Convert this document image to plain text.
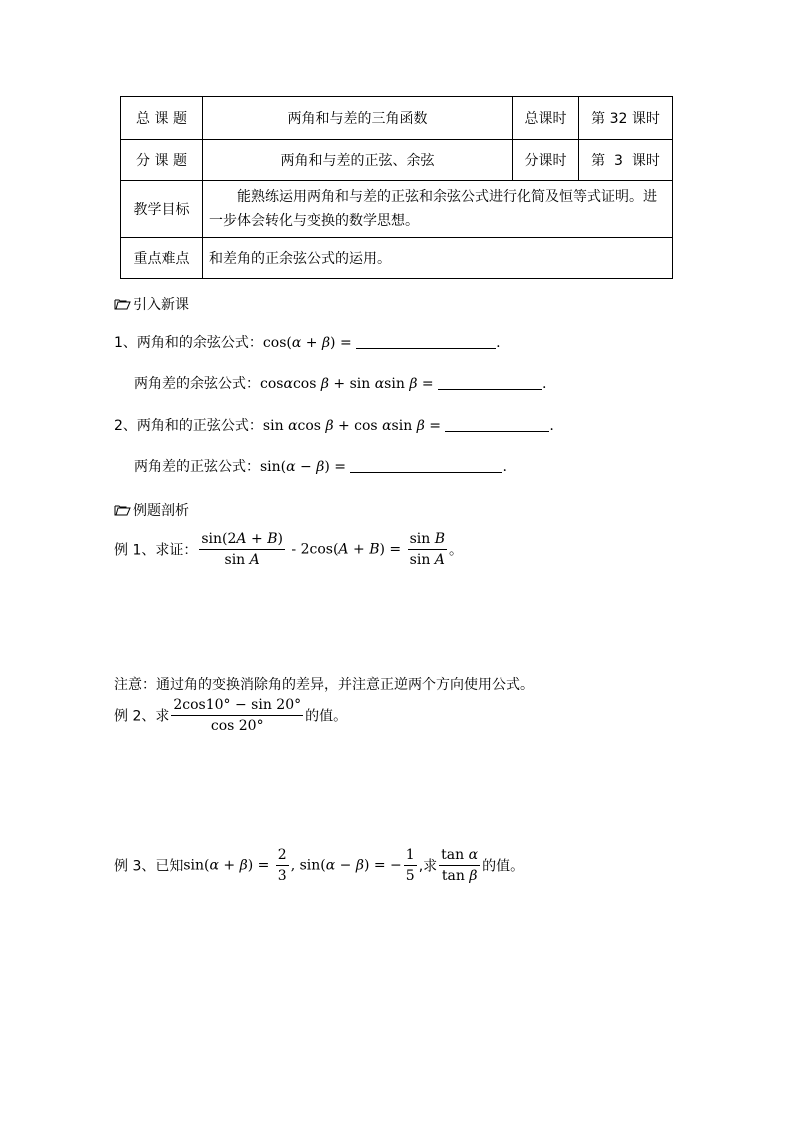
总 课 题	两角和与差的三角函数	总课时	第 32 课时
分 课 题	两角和与差的正弦、余弦	分课时	第  3  课时
教学目标	能熟练运用两角和与差的正弦和余弦公式进行化简及恒等式证明。进一步体会转化与变换的数学思想。		
重点难点	和差角的正余弦公式的运用。		
引入新课
1、两角和的余弦公式：cos(α + β) =	.
两角差的余弦公式：cosαcos β + sin αsin β =	.
2、两角和的正弦公式：sin αcos β + cos αsin β =	.
两角差的正弦公式：sin(α − β) =	.
例题剖析
例 1、求证： $\frac{\sin(2A + B)}{\text{sin A}} - 2\cos(A + B) = \frac{\text{sin B}}{\text{sin A}}$ 。
注意：通过角的变换消除角的差异，并注意正逆两个方向使用公式。
例 2、求 $\frac{2\cos 10^\circ - \sin 20^\circ}{\cos 20^\circ}$ 的值。
例 3、已知$\sin(\alpha + \beta) = \frac{2}{3}$ , sin(α − β) = − $\frac{1}{5}$ ,求 $\frac{\text{tan α}}{\text{tan β}}$ 的值。
